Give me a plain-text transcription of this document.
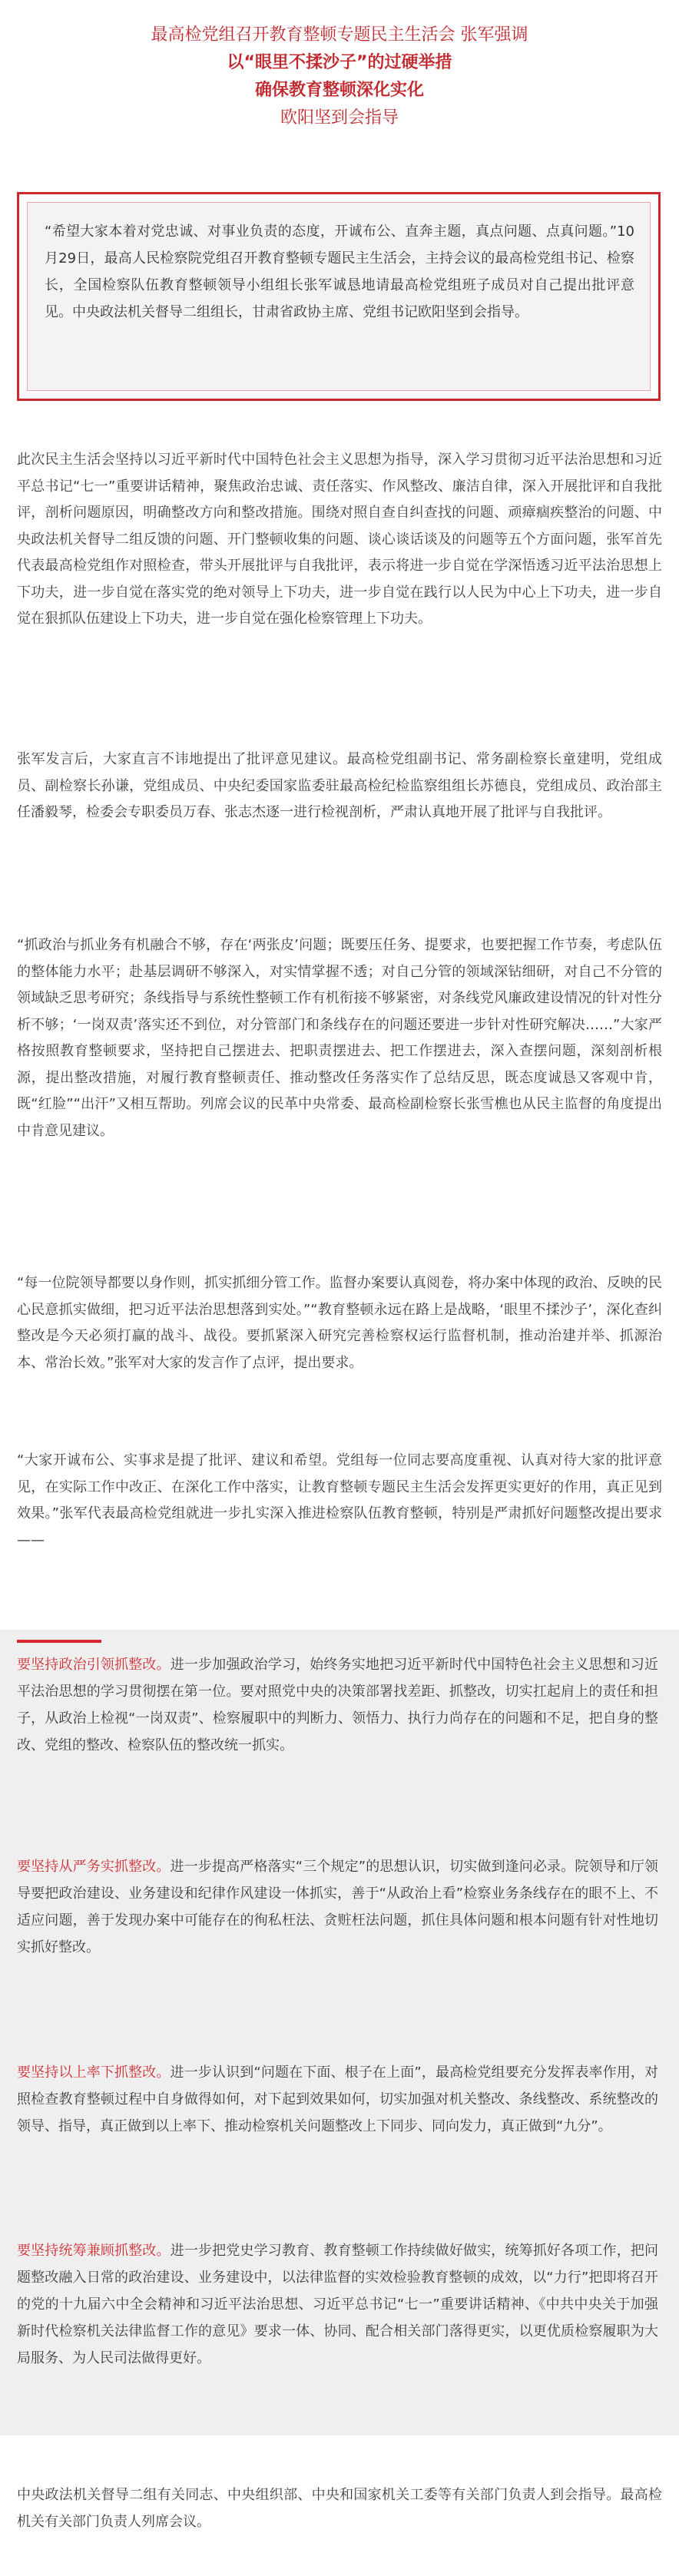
最高检党组召开教育整顿专题民主生活会 张军强调
以“眼里不揉沙子”的过硬举措
确保教育整顿深化实化
欧阳坚到会指导
“希望大家本着对党忠诚、对事业负责的态度，开诚布公、直奔主题，真点问题、点真问题。”10月29日，最高人民检察院党组召开教育整顿专题民主生活会，主持会议的最高检党组书记、检察长，全国检察队伍教育整顿领导小组组长张军诚恳地请最高检党组班子成员对自己提出批评意见。中央政法机关督导二组组长，甘肃省政协主席、党组书记欧阳坚到会指导。

此次民主生活会坚持以习近平新时代中国特色社会主义思想为指导，深入学习贯彻习近平法治思想和习近平总书记“七一”重要讲话精神，聚焦政治忠诚、责任落实、作风整改、廉洁自律，深入开展批评和自我批评，剖析问题原因，明确整改方向和整改措施。围绕对照自查自纠查找的问题、顽瘴痼疾整治的问题、中央政法机关督导二组反馈的问题、开门整顿收集的问题、谈心谈话谈及的问题等五个方面问题，张军首先代表最高检党组作对照检查，带头开展批评与自我批评，表示将进一步自觉在学深悟透习近平法治思想上下功夫，进一步自觉在落实党的绝对领导上下功夫，进一步自觉在践行以人民为中心上下功夫，进一步自觉在狠抓队伍建设上下功夫，进一步自觉在强化检察管理上下功夫。

张军发言后，大家直言不讳地提出了批评意见建议。最高检党组副书记、常务副检察长童建明，党组成员、副检察长孙谦，党组成员、中央纪委国家监委驻最高检纪检监察组组长苏德良，党组成员、政治部主任潘毅琴，检委会专职委员万春、张志杰逐一进行检视剖析，严肃认真地开展了批评与自我批评。

“抓政治与抓业务有机融合不够，存在‘两张皮’问题；既要压任务、提要求，也要把握工作节奏，考虑队伍的整体能力水平；赴基层调研不够深入，对实情掌握不透；对自己分管的领域深钻细研，对自己不分管的领域缺乏思考研究；条线指导与系统性整顿工作有机衔接不够紧密，对条线党风廉政建设情况的针对性分析不够；‘一岗双责’落实还不到位，对分管部门和条线存在的问题还要进一步针对性研究解决……”大家严格按照教育整顿要求，坚持把自己摆进去、把职责摆进去、把工作摆进去，深入查摆问题，深刻剖析根源，提出整改措施，对履行教育整顿责任、推动整改任务落实作了总结反思，既态度诚恳又客观中肯，既“红脸”“出汗”又相互帮助。列席会议的民革中央常委、最高检副检察长张雪樵也从民主监督的角度提出中肯意见建议。

“每一位院领导都要以身作则，抓实抓细分管工作。监督办案要认真阅卷，将办案中体现的政治、反映的民心民意抓实做细，把习近平法治思想落到实处。”“教育整顿永远在路上是战略，‘眼里不揉沙子’，深化查纠整改是今天必须打赢的战斗、战役。要抓紧深入研究完善检察权运行监督机制，推动治建并举、抓源治本、常治长效。”张军对大家的发言作了点评，提出要求。

“大家开诚布公、实事求是提了批评、建议和希望。党组每一位同志要高度重视、认真对待大家的批评意见，在实际工作中改正、在深化工作中落实，让教育整顿专题民主生活会发挥更实更好的作用，真正见到效果。”张军代表最高检党组就进一步扎实深入推进检察队伍教育整顿，特别是严肃抓好问题整改提出要求——

要坚持政治引领抓整改。进一步加强政治学习，始终务实地把习近平新时代中国特色社会主义思想和习近平法治思想的学习贯彻摆在第一位。要对照党中央的决策部署找差距、抓整改，切实扛起肩上的责任和担子，从政治上检视“一岗双责”、检察履职中的判断力、领悟力、执行力尚存在的问题和不足，把自身的整改、党组的整改、检察队伍的整改统一抓实。
要坚持从严务实抓整改。进一步提高严格落实“三个规定”的思想认识，切实做到逢问必录。院领导和厅领导要把政治建设、业务建设和纪律作风建设一体抓实，善于“从政治上看”检察业务条线存在的眼不上、不适应问题，善于发现办案中可能存在的徇私枉法、贪赃枉法问题，抓住具体问题和根本问题有针对性地切实抓好整改。
要坚持以上率下抓整改。进一步认识到“问题在下面、根子在上面”，最高检党组要充分发挥表率作用，对照检查教育整顿过程中自身做得如何，对下起到效果如何，切实加强对机关整改、条线整改、系统整改的领导、指导，真正做到以上率下、推动检察机关问题整改上下同步、同向发力，真正做到“九分”。
要坚持统筹兼顾抓整改。进一步把党史学习教育、教育整顿工作持续做好做实，统筹抓好各项工作，把问题整改融入日常的政治建设、业务建设中，以法律监督的实效检验教育整顿的成效，以“力行”把即将召开的党的十九届六中全会精神和习近平法治思想、习近平总书记“七一”重要讲话精神、《中共中央关于加强新时代检察机关法律监督工作的意见》要求一体、协同、配合相关部门落得更实，以更优质检察履职为大局服务、为人民司法做得更好。

中央政法机关督导二组有关同志、中央组织部、中央和国家机关工委等有关部门负责人到会指导。最高检机关有关部门负责人列席会议。
